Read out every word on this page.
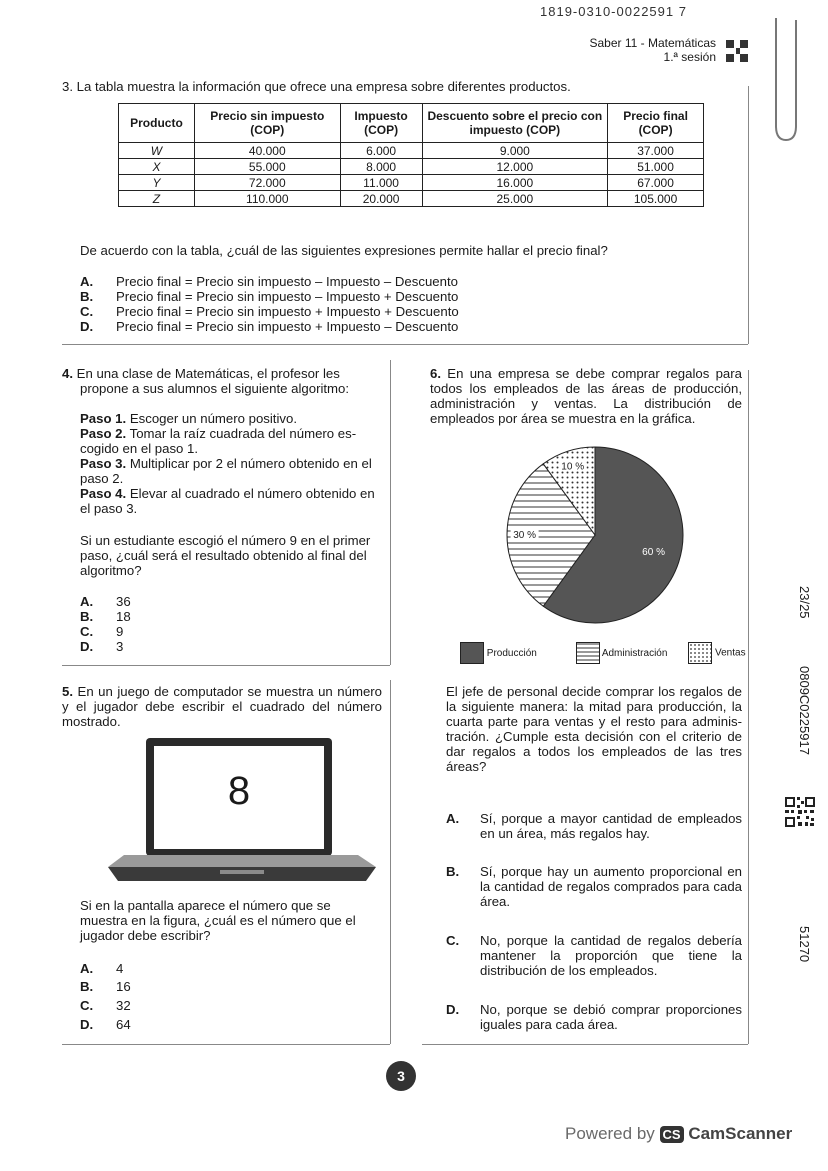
1819-0310-0022591 7
Saber 11 - Matemáticas
1.ª sesión
3. La tabla muestra la información que ofrece una empresa sobre diferentes productos.
Producto	Precio sin impuesto (COP)	Impuesto (COP)	Descuento sobre el precio con impuesto (COP)	Precio final (COP)
W	40.000	6.000	9.000	37.000
X	55.000	8.000	12.000	51.000
Y	72.000	11.000	16.000	67.000
Z	110.000	20.000	25.000	105.000
De acuerdo con la tabla, ¿cuál de las siguientes expresiones permite hallar el precio final?
A. Precio final = Precio sin impuesto – Impuesto – Descuento
B. Precio final = Precio sin impuesto – Impuesto + Descuento
C. Precio final = Precio sin impuesto + Impuesto + Descuento
D. Precio final = Precio sin impuesto + Impuesto – Descuento
4. En una clase de Matemáticas, el profesor les
propone a sus alumnos el siguiente algoritmo:
Paso 1. Escoger un número positivo.
Paso 2. Tomar la raíz cuadrada del número es-cogido en el paso 1.
Paso 3. Multiplicar por 2 el número obtenido en el paso 2.
Paso 4. Elevar al cuadrado el número obtenido en el paso 3.
Si un estudiante escogió el número 9 en el primer paso, ¿cuál será el resultado obtenido al final del algoritmo?
A. 36
B. 18
C. 9
D. 3
5. En un juego de computador se muestra un número y el jugador debe escribir el cuadrado del número mostrado.
8
Si en la pantalla aparece el número que se muestra en la figura, ¿cuál es el número que el jugador debe escribir?
A. 4
B. 16
C. 32
D. 64
6. En una empresa se debe comprar regalos para todos los empleados de las áreas de producción, administración y ventas. La distribución de empleados por área se muestra en la gráfica.
60 %
30 %
10 %
Producción	Administración	Ventas
El jefe de personal decide comprar los regalos de la siguiente manera: la mitad para producción, la cuarta parte para ventas y el resto para adminis-tración. ¿Cumple esta decisión con el criterio de dar regalos a todos los empleados de las tres áreas?
A.	Sí, porque a mayor cantidad de empleados en un área, más regalos hay.
B.	Sí, porque hay un aumento proporcional en la cantidad de regalos comprados para cada área.
C.	No, porque la cantidad de regalos debería mantener la proporción que tiene la distribución de los empleados.
D.	No, porque se debió comprar proporciones iguales para cada área.
23/25
0809C0225917
51270
3
Powered by CS CamScanner
